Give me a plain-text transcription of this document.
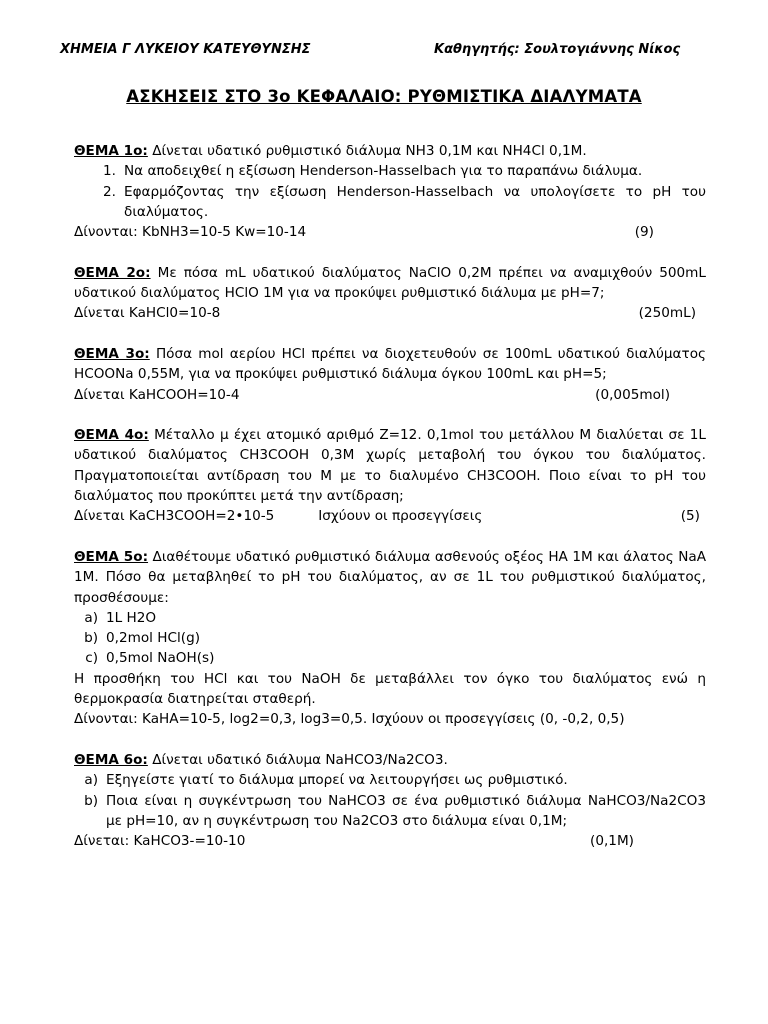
ΧΗΜΕΙΑ Γ ΛΥΚΕΙΟΥ ΚΑΤΕΥΘΥΝΣΗΣ	Καθηγητής: Σουλτογιάννης Νίκος
ΑΣΚΗΣΕΙΣ ΣΤΟ 3ο ΚΕΦΑΛΑΙΟ: ΡΥΘΜΙΣΤΙΚΑ ΔΙΑΛΥΜΑΤΑ
ΘΕΜΑ 1ο: Δίνεται υδατικό ρυθμιστικό διάλυμα NH3 0,1M και NH4Cl 0,1M.
1. Να αποδειχθεί η εξίσωση Henderson-Hasselbach για το παραπάνω διάλυμα.
2. Εφαρμόζοντας την εξίσωση Henderson-Hasselbach να υπολογίσετε το pH του διαλύματος.
Δίνονται: KbNH3=10-5 Kw=10-14	(9)
ΘΕΜΑ 2ο: Με πόσα mL υδατικού διαλύματος NaClO 0,2M πρέπει να αναμιχθούν 500mL υδατικού διαλύματος HClO 1M για να προκύψει ρυθμιστικό διάλυμα με pH=7;
Δίνεται KaHCl0=10-8	(250mL)
ΘΕΜΑ 3ο: Πόσα mol αερίου HCl πρέπει να διοχετευθούν σε 100mL υδατικού διαλύματος HCOONa 0,55M, για να προκύψει ρυθμιστικό διάλυμα όγκου 100mL και pH=5;
Δίνεται KaHCOOH=10-4	(0,005mol)
ΘΕΜΑ 4ο: Μέταλλο μ έχει ατομικό αριθμό Z=12. 0,1mol του μετάλλου Μ διαλύεται σε 1L υδατικού διαλύματος CH3COOH 0,3M χωρίς μεταβολή του όγκου του διαλύματος. Πραγματοποιείται αντίδραση του Μ με το διαλυμένο CH3COOH. Ποιο είναι το pH του διαλύματος που προκύπτει μετά την αντίδραση;
Δίνεται KaCH3COOH=2•10-5	Ισχύουν οι προσεγγίσεις	(5)
ΘΕΜΑ 5ο: Διαθέτουμε υδατικό ρυθμιστικό διάλυμα ασθενούς οξέος HA 1M και άλατος NaA 1M. Πόσο θα μεταβληθεί το pH του διαλύματος, αν σε 1L του ρυθμιστικού διαλύματος, προσθέσουμε:
a) 1L H2O
b) 0,2mol HCl(g)
c) 0,5mol NaOH(s)
Η προσθήκη του HCl και του NaOH δε μεταβάλλει τον όγκο του διαλύματος ενώ η θερμοκρασία διατηρείται σταθερή.
Δίνονται: KaHA=10-5, log2=0,3, log3=0,5. Ισχύουν οι προσεγγίσεις (0, -0,2, 0,5)
ΘΕΜΑ 6ο: Δίνεται υδατικό διάλυμα NaHCO3/Na2CO3.
a) Εξηγείστε γιατί το διάλυμα μπορεί να λειτουργήσει ως ρυθμιστικό.
b) Ποια είναι η συγκέντρωση του NaHCO3 σε ένα ρυθμιστικό διάλυμα NaHCO3/Na2CO3 με pH=10, αν η συγκέντρωση του Na2CO3 στο διάλυμα είναι 0,1M;
Δίνεται: KaHCO3-=10-10	(0,1M)
